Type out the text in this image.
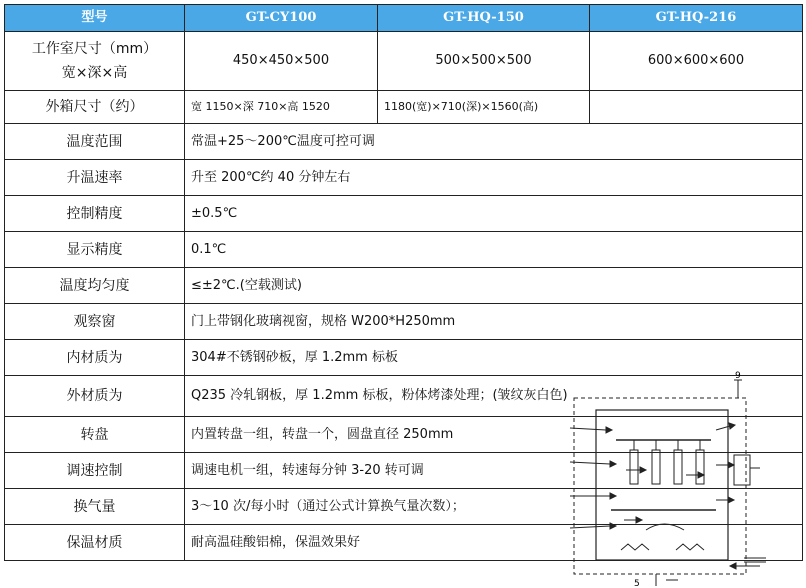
型号	GT-CY100	GT-HQ-150	GT-HQ-216

工作室尺寸（mm）
宽×深×高	450×450×500	500×500×500	600×600×600
外箱尺寸（约）	宽 1150×深 710×高 1520	1180(宽)×710(深)×1560(高)	
温度范围	常温+25～200℃温度可控可调		
升温速率	升至 200℃约 40 分钟左右		
控制精度	±0.5℃		
显示精度	0.1℃		
温度均匀度	≤±2℃.(空载测试)		
观察窗	门上带钢化玻璃视窗，规格 W200*H250mm		
内材质为	304#不锈钢砂板，厚 1.2mm 标板		
外材质为	Q235 冷轧钢板，厚 1.2mm 标板，粉体烤漆处理；(皱纹灰白色)		
转盘	内置转盘一组，转盘一个，圆盘直径 250mm		
调速控制	调速电机一组，转速每分钟 3-20 转可调		
换气量	3～10 次/每小时（通过公式计算换气量次数）；		
保温材质	耐高温硅酸铝棉，保温效果好		
9
5
